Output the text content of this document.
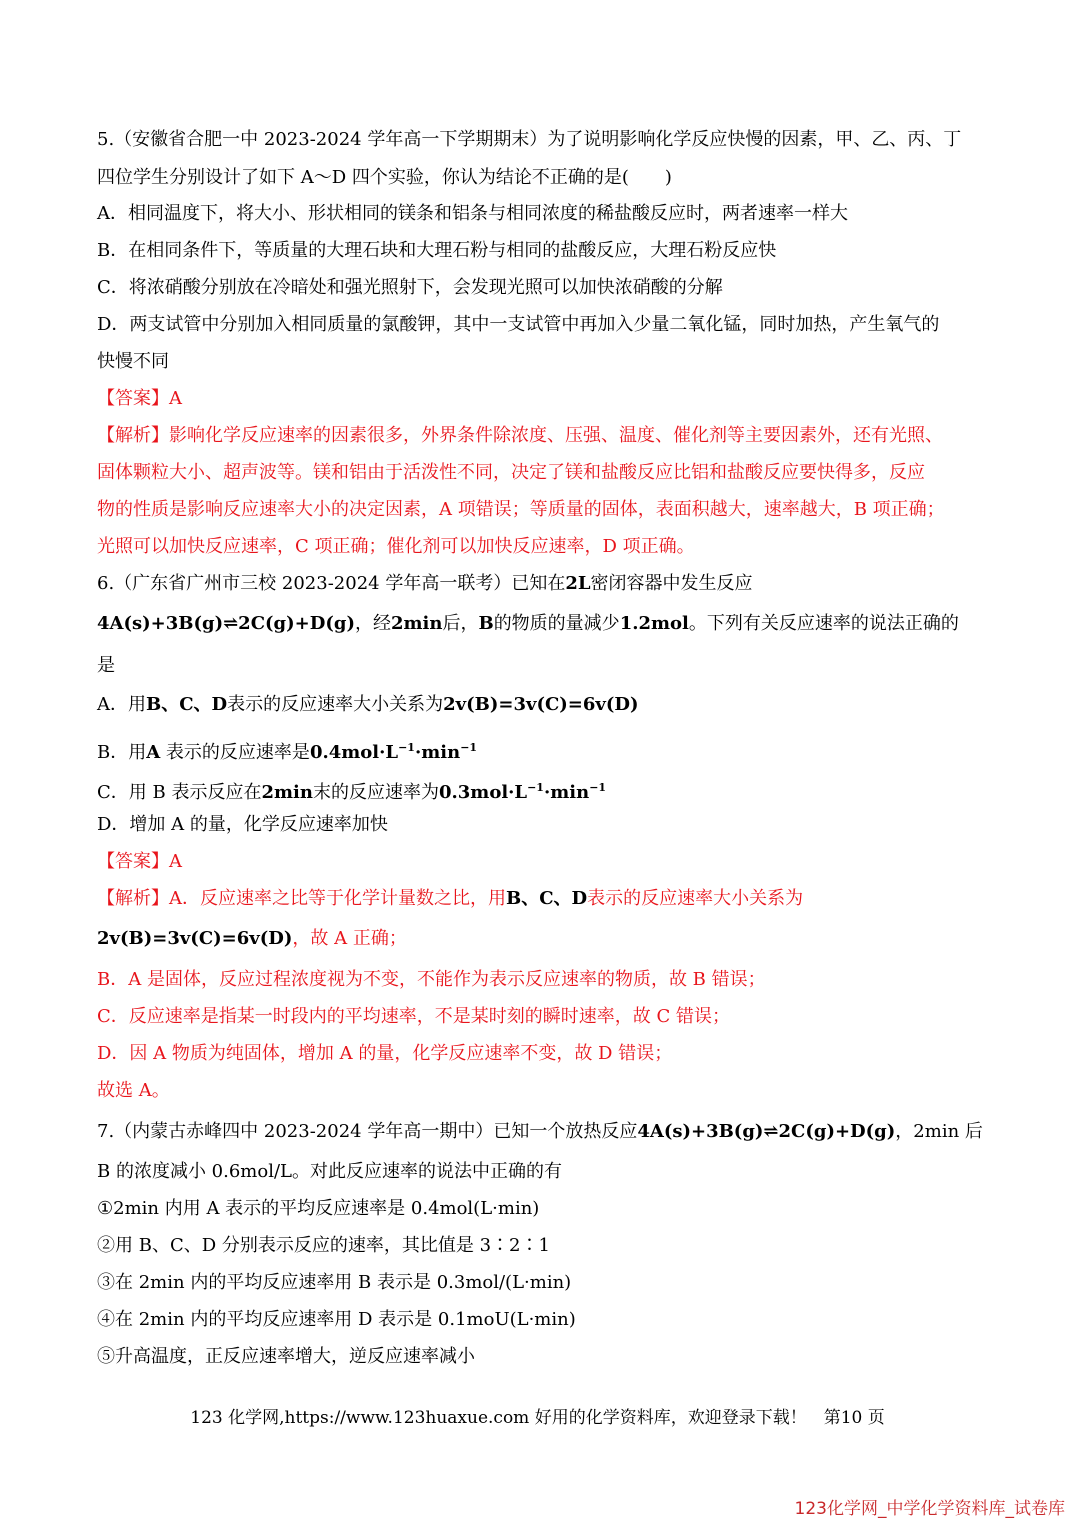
5.（安徽省合肥一中 2023-2024 学年高一下学期期末）为了说明影响化学反应快慢的因素，甲、乙、丙、丁
四位学生分别设计了如下 A～D 四个实验，你认为结论不正确的是(　　)
A．相同温度下，将大小、形状相同的镁条和铝条与相同浓度的稀盐酸反应时，两者速率一样大
B．在相同条件下，等质量的大理石块和大理石粉与相同的盐酸反应，大理石粉反应快
C．将浓硝酸分别放在冷暗处和强光照射下，会发现光照可以加快浓硝酸的分解
D．两支试管中分别加入相同质量的氯酸钾，其中一支试管中再加入少量二氧化锰，同时加热，产生氧气的
快慢不同
【答案】A
【解析】影响化学反应速率的因素很多，外界条件除浓度、压强、温度、催化剂等主要因素外，还有光照、
固体颗粒大小、超声波等。镁和铝由于活泼性不同，决定了镁和盐酸反应比铝和盐酸反应要快得多，反应
物的性质是影响反应速率大小的决定因素，A 项错误；等质量的固体，表面积越大，速率越大，B 项正确；
光照可以加快反应速率，C 项正确；催化剂可以加快反应速率，D 项正确。
6.（广东省广州市三校 2023-2024 学年高一联考）已知在2L密闭容器中发生反应
4A(s)+3B(g)⇌2C(g)+D(g)，经2min后，B的物质的量减少1.2mol。下列有关反应速率的说法正确的
是
A．用B、C、D表示的反应速率大小关系为2v(B)=3v(C)=6v(D)
B．用A 表示的反应速率是$0.4mol\cdot L^{-1}\cdot\min^{-1}$
C．用 B 表示反应在2min末的反应速率为$0.3mol\cdot L^{-1}\cdot\min^{-1}$
D．增加 A 的量，化学反应速率加快
【答案】A
【解析】A．反应速率之比等于化学计量数之比，用B、C、D表示的反应速率大小关系为
2v(B)=3v(C)=6v(D)，故 A 正确；
B．A 是固体，反应过程浓度视为不变，不能作为表示反应速率的物质，故 B 错误；
C．反应速率是指某一时段内的平均速率，不是某时刻的瞬时速率，故 C 错误；
D．因 A 物质为纯固体，增加 A 的量，化学反应速率不变，故 D 错误；
故选 A。
7.（内蒙古赤峰四中 2023-2024 学年高一期中）已知一个放热反应4A(s)+3B(g)⇌2C(g)+D(g)，2min 后
B 的浓度减小 0.6mol/L。对此反应速率的说法中正确的有
①2min 内用 A 表示的平均反应速率是 0.4mol(L·min)
②用 B、C、D 分别表示反应的速率，其比值是 3∶2∶1
③在 2min 内的平均反应速率用 B 表示是 0.3mol/(L·min)
④在 2min 内的平均反应速率用 D 表示是 0.1moU(L·min)
⑤升高温度，正反应速率增大，逆反应速率减小
123 化学网,https://www.123huaxue.com 好用的化学资料库，欢迎登录下载！　第10 页
123化学网_中学化学资料库_试卷库
